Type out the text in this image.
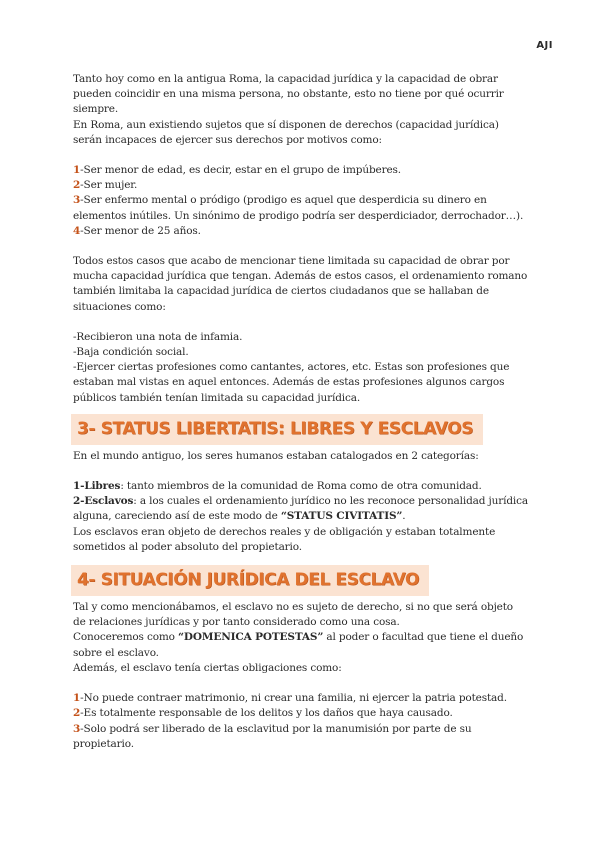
AJI

Tanto hoy como en la antigua Roma, la capacidad jurídica y la capacidad de obrar pueden coincidir en una misma persona, no obstante, esto no tiene por qué ocurrir siempre.

En Roma, aun existiendo sujetos que sí disponen de derechos (capacidad jurídica) serán incapaces de ejercer sus derechos por motivos como:

1-Ser menor de edad, es decir, estar en el grupo de impúberes.

2-Ser mujer.

3-Ser enfermo mental o pródigo (prodigo es aquel que desperdicia su dinero en elementos inútiles. Un sinónimo de prodigo podría ser desperdiciador, derrochador…).

4-Ser menor de 25 años.

Todos estos casos que acabo de mencionar tiene limitada su capacidad de obrar por mucha capacidad jurídica que tengan. Además de estos casos, el ordenamiento romano también limitaba la capacidad jurídica de ciertos ciudadanos que se hallaban de situaciones como:

-Recibieron una nota de infamia.

-Baja condición social.

-Ejercer ciertas profesiones como cantantes, actores, etc. Estas son profesiones que estaban mal vistas en aquel entonces. Además de estas profesiones algunos cargos públicos también tenían limitada su capacidad jurídica.

3- STATUS LIBERTATIS: LIBRES Y ESCLAVOS

En el mundo antiguo, los seres humanos estaban catalogados en 2 categorías:

1-Libres: tanto miembros de la comunidad de Roma como de otra comunidad.

2-Esclavos: a los cuales el ordenamiento jurídico no les reconoce personalidad jurídica alguna, careciendo así de este modo de “STATUS CIVITATIS”.

Los esclavos eran objeto de derechos reales y de obligación y estaban totalmente sometidos al poder absoluto del propietario.

4- SITUACIÓN JURÍDICA DEL ESCLAVO

Tal y como mencionábamos, el esclavo no es sujeto de derecho, si no que será objeto de relaciones jurídicas y por tanto considerado como una cosa.

Conoceremos como “DOMENICA POTESTAS” al poder o facultad que tiene el dueño sobre el esclavo.

Además, el esclavo tenía ciertas obligaciones como:

1-No puede contraer matrimonio, ni crear una familia, ni ejercer la patria potestad.

2-Es totalmente responsable de los delitos y los daños que haya causado.

3-Solo podrá ser liberado de la esclavitud por la manumisión por parte de su propietario.
